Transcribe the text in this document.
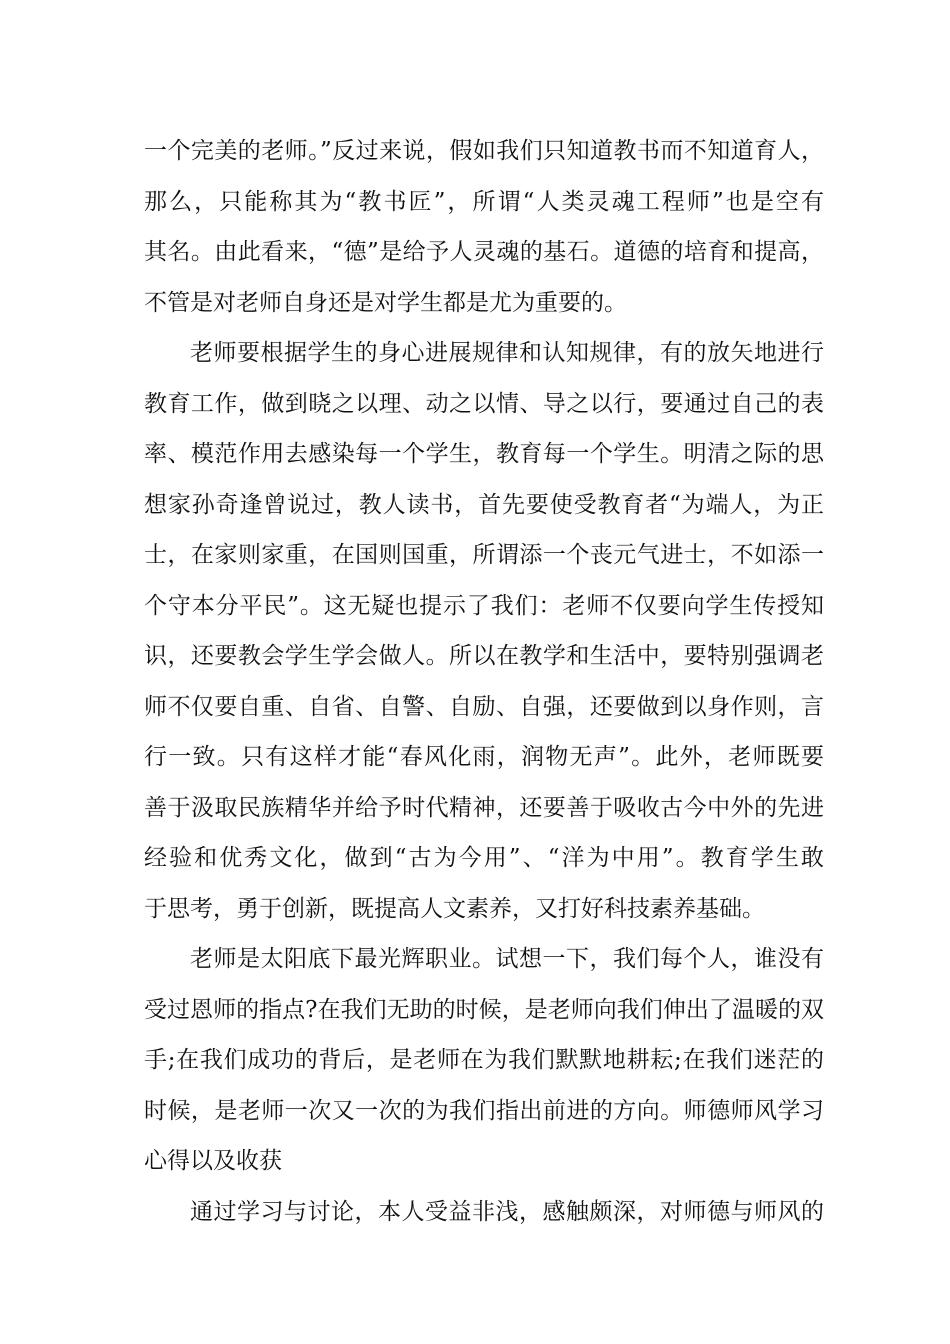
一个完美的老师。”反过来说，假如我们只知道教书而不知道育人，
那么，只能称其为“教书匠”，所谓“人类灵魂工程师”也是空有
其名。由此看来，“德”是给予人灵魂的基石。道德的培育和提高，
不管是对老师自身还是对学生都是尤为重要的。
老师要根据学生的身心进展规律和认知规律，有的放矢地进行
教育工作，做到晓之以理、动之以情、导之以行，要通过自己的表
率、模范作用去感染每一个学生，教育每一个学生。明清之际的思
想家孙奇逢曾说过，教人读书，首先要使受教育者“为端人，为正
士，在家则家重，在国则国重，所谓添一个丧元气进士，不如添一
个守本分平民”。这无疑也提示了我们：老师不仅要向学生传授知
识，还要教会学生学会做人。所以在教学和生活中，要特别强调老
师不仅要自重、自省、自警、自励、自强，还要做到以身作则，言
行一致。只有这样才能“春风化雨，润物无声”。此外，老师既要
善于汲取民族精华并给予时代精神，还要善于吸收古今中外的先进
经验和优秀文化，做到“古为今用”、“洋为中用”。教育学生敢
于思考，勇于创新，既提高人文素养，又打好科技素养基础。
老师是太阳底下最光辉职业。试想一下，我们每个人，谁没有
受过恩师的指点?在我们无助的时候，是老师向我们伸出了温暖的双
手;在我们成功的背后，是老师在为我们默默地耕耘;在我们迷茫的
时候，是老师一次又一次的为我们指出前进的方向。师德师风学习
心得以及收获
通过学习与讨论，本人受益非浅，感触颇深，对师德与师风的
